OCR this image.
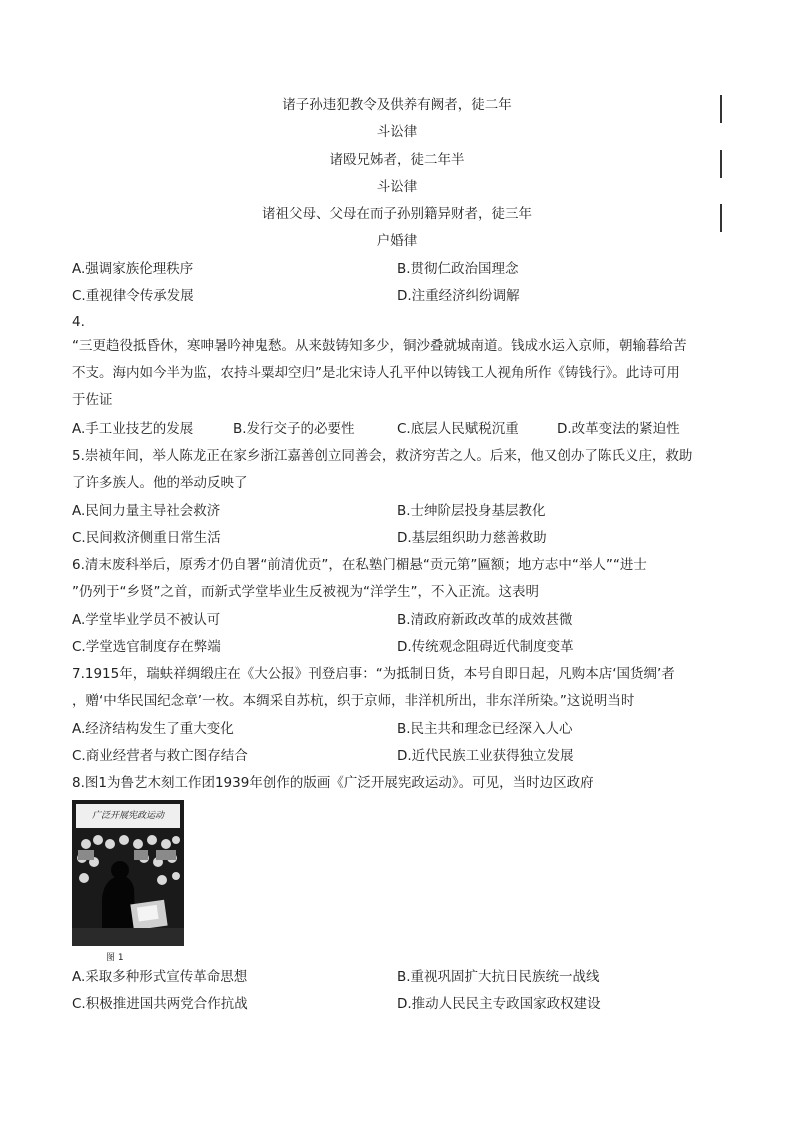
诸子孙违犯教令及供养有阙者，徒二年
斗讼律
诸殴兄姊者，徒二年半
斗讼律
诸祖父母、父母在而子孙别籍异财者，徒三年
户婚律
A.强调家族伦理秩序	B.贯彻仁政治国理念
C.重视律令传承发展	D.注重经济纠纷调解
4.
“三更趋役抵昏休，寒呻暑吟神鬼愁。从来鼓铸知多少，铜沙叠就城南道。钱成水运入京师，朝输暮给苦
不支。海内如今半为监，农持斗粟却空归”是北宋诗人孔平仲以铸钱工人视角所作《铸钱行》。此诗可用
于佐证
A.手工业技艺的发展	B.发行交子的必要性	C.底层人民赋税沉重	D.改革变法的紧迫性
5.崇祯年间，举人陈龙正在家乡浙江嘉善创立同善会，救济穷苦之人。后来，他又创办了陈氏义庄，救助
了许多族人。他的举动反映了
A.民间力量主导社会救济	B.士绅阶层投身基层教化
C.民间救济侧重日常生活	D.基层组织助力慈善救助
6.清末废科举后，原秀才仍自署“前清优贡”，在私塾门楣悬“贡元第”匾额；地方志中“举人”“进士
”仍列于“乡贤”之首，而新式学堂毕业生反被视为“洋学生”，不入正流。这表明
A.学堂毕业学员不被认可	B.清政府新政改革的成效甚微
C.学堂选官制度存在弊端	D.传统观念阻碍近代制度变革
7.1915年，瑞蚨祥绸缎庄在《大公报》刊登启事：“为抵制日货，本号自即日起，凡购本店‘国货绸’者
，赠‘中华民国纪念章’一枚。本绸采自苏杭，织于京师，非洋机所出，非东洋所染。”这说明当时
A.经济结构发生了重大变化	B.民主共和理念已经深入人心
C.商业经营者与救亡图存结合	D.近代民族工业获得独立发展
8.图1为鲁艺木刻工作团1939年创作的版画《广泛开展宪政运动》。可见，当时边区政府
广泛开展宪政运动
图 1
A.采取多种形式宣传革命思想	B.重视巩固扩大抗日民族统一战线
C.积极推进国共两党合作抗战	D.推动人民民主专政国家政权建设
